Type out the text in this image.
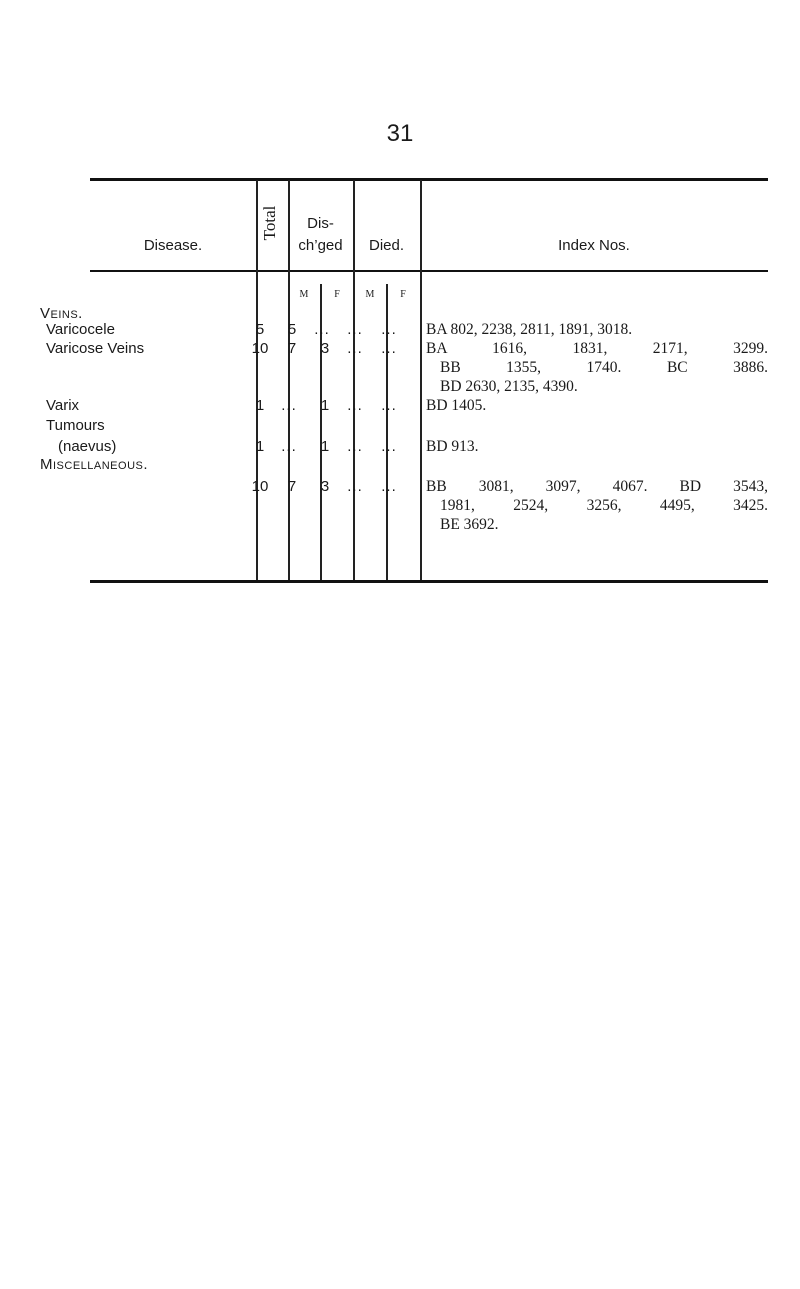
31
Disease.
Total	Dis-
ch’ged	Died.	Index Nos.
M	F	M	F
Veins.
Varicocele	5	5	...	...	...	BA 802, 2238, 2811, 1891, 3018.
Varicose Veins	10	7	3	...	...	BA 1616, 1831, 2171, 3299.
BB 1355, 1740. BC 3886.
BD 2630, 2135, 4390.
Varix	1	...	1	...	...	BD 1405.
Tumours
(naevus)	1	...	1	...	...	BD 913.
Miscellaneous.
10	7	3	...	...	BB 3081, 3097, 4067. BD 3543,
1981, 2524, 3256, 4495, 3425.
BE 3692.
